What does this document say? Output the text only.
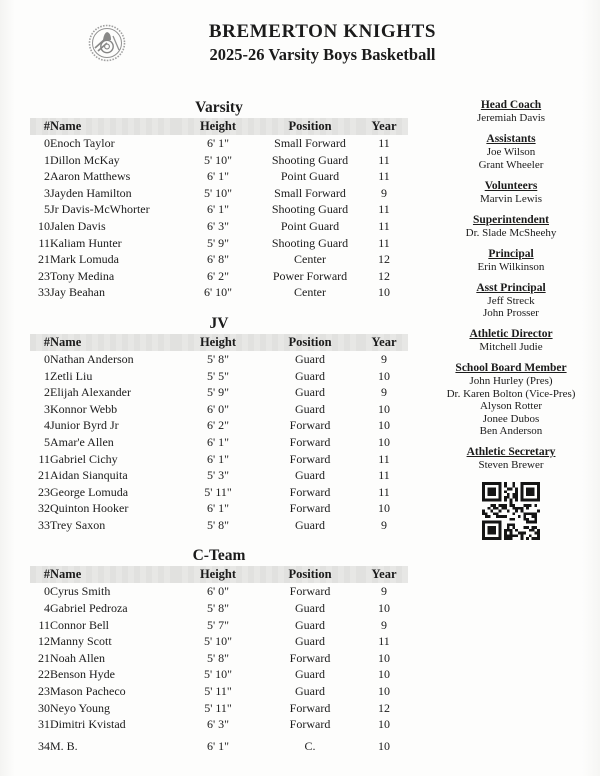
BREMERTON KNIGHTS
2025-26 Varsity Boys Basketball
Varsity
#	Name	Height	Position	Year
0	Enoch Taylor	6' 1"	Small Forward	11
1	Dillon McKay	5' 10"	Shooting Guard	11
2	Aaron Matthews	6' 1"	Point Guard	11
3	Jayden Hamilton	5' 10"	Small Forward	9
5	Jr Davis-McWhorter	6' 1"	Shooting Guard	11
10	Jalen Davis	6' 3"	Point Guard	11
11	Kaliam Hunter	5' 9"	Shooting Guard	11
21	Mark Lomuda	6' 8"	Center	12
23	Tony Medina	6' 2"	Power Forward	12
33	Jay Beahan	6' 10"	Center	10
JV
#	Name	Height	Position	Year
0	Nathan Anderson	5' 8"	Guard	9
1	Zetli Liu	5' 5"	Guard	10
2	Elijah Alexander	5' 9"	Guard	9
3	Konnor Webb	6' 0"	Guard	10
4	Junior Byrd Jr	6' 2"	Forward	10
5	Amar'e Allen	6' 1"	Forward	10
11	Gabriel Cichy	6' 1"	Forward	11
21	Aidan Sianquita	5' 3"	Guard	11
23	George Lomuda	5' 11"	Forward	11
32	Quinton Hooker	6' 1"	Forward	10
33	Trey Saxon	5' 8"	Guard	9
C-Team
#	Name	Height	Position	Year
0	Cyrus Smith	6' 0"	Forward	9
4	Gabriel Pedroza	5' 8"	Guard	10
11	Connor Bell	5' 7"	Guard	9
12	Manny Scott	5' 10"	Guard	11
21	Noah Allen	5' 8"	Forward	10
22	Benson Hyde	5' 10"	Guard	10
23	Mason Pacheco	5' 11"	Guard	10
30	Neyo Young	5' 11"	Forward	12
31	Dimitri Kvistad	6' 3"	Forward	10

34	M. B.	6' 1"	C.	10
Head Coach
Jeremiah Davis
Assistants
Joe Wilson
Grant Wheeler
Volunteers
Marvin Lewis
Superintendent
Dr. Slade McSheehy
Principal
Erin Wilkinson
Asst Principal
Jeff Streck
John Prosser
Athletic Director
Mitchell Judie
School Board Member
John Hurley (Pres)
Dr. Karen Bolton (Vice-Pres)
Alyson Rotter
Jonee Dubos
Ben Anderson
Athletic Secretary
Steven Brewer
